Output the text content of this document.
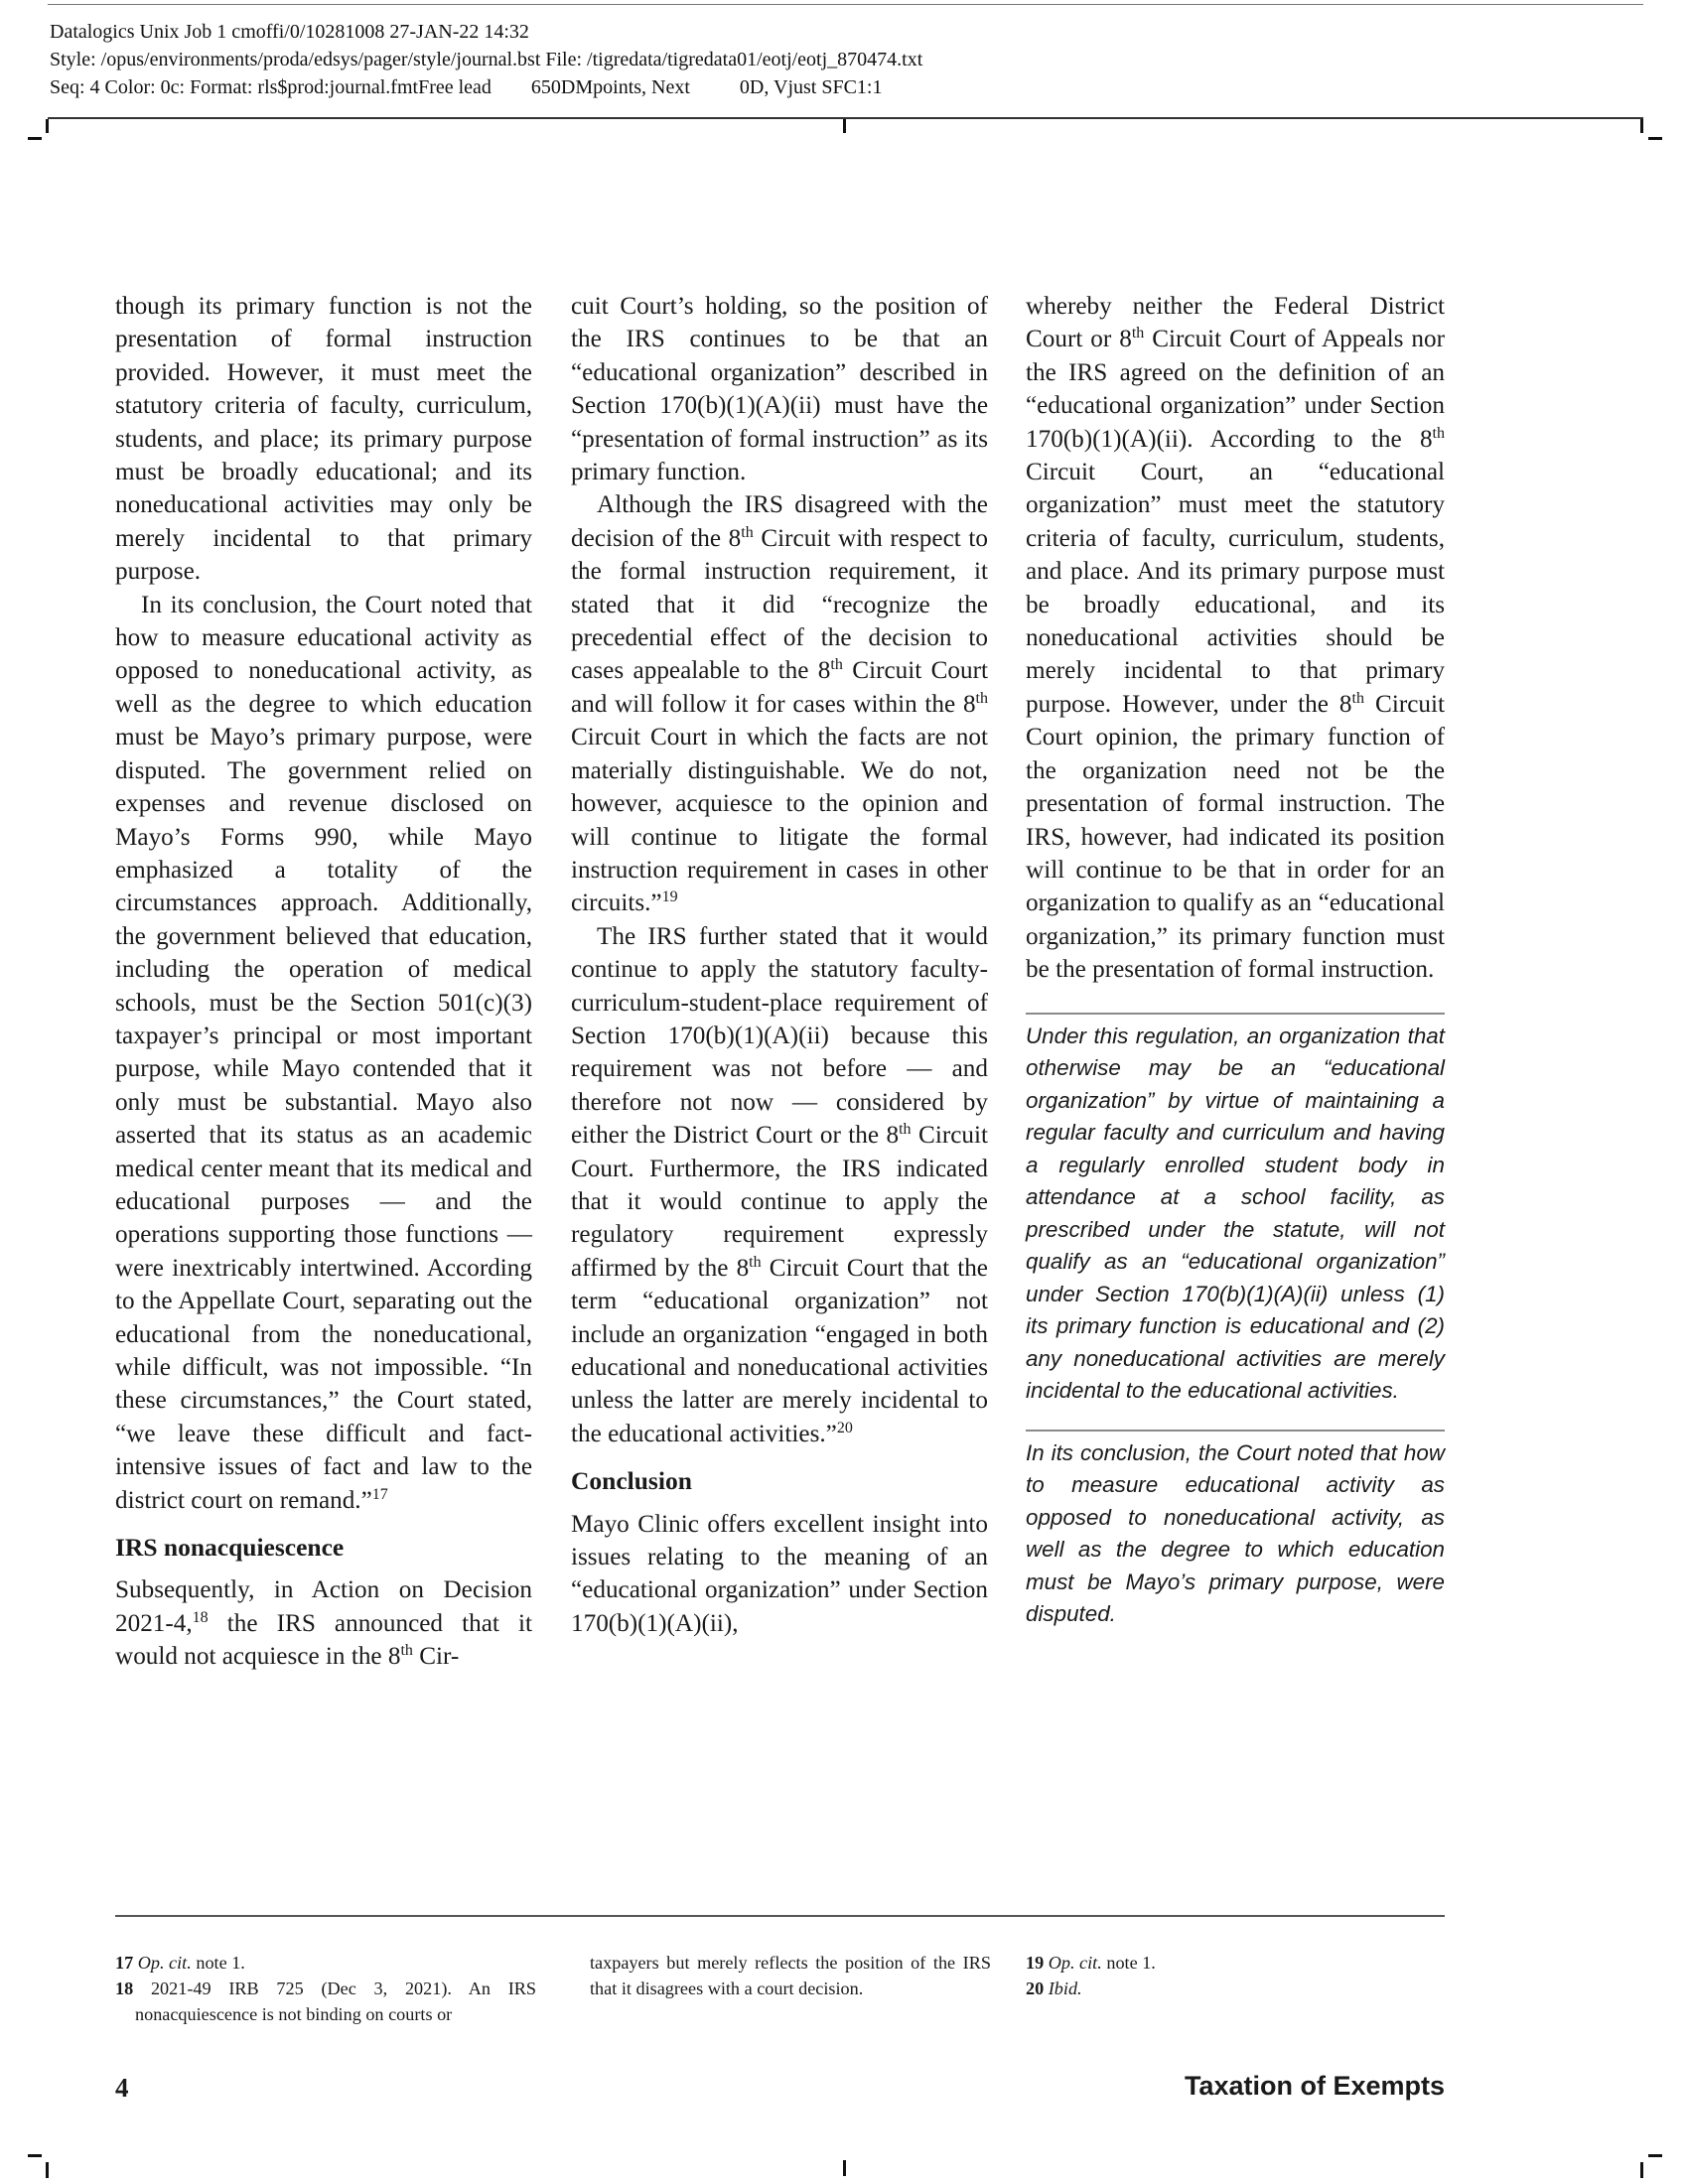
Datalogics Unix Job 1 cmoffi/0/10281008 27-JAN-22 14:32
Style: /opus/environments/proda/edsys/pager/style/journal.bst File: /tigredata/tigredata01/eotj/eotj_870474.txt
Seq: 4 Color: 0c: Format: rls$prod:journal.fmtFree lead        650DMpoints, Next          0D, Vjust SFC1:1

though its primary function is not the presentation of formal instruction provided. However, it must meet the statutory criteria of faculty, curriculum, students, and place; its primary purpose must be broadly educational; and its noneducational activities may only be merely incidental to that primary purpose.

In its conclusion, the Court noted that how to measure educational activity as opposed to noneducational activity, as well as the degree to which education must be Mayo’s primary purpose, were disputed. The government relied on expenses and revenue disclosed on Mayo’s Forms 990, while Mayo emphasized a totality of the circumstances approach. Additionally, the government believed that education, including the operation of medical schools, must be the Section 501(c)(3) taxpayer’s principal or most important purpose, while Mayo contended that it only must be substantial. Mayo also asserted that its status as an academic medical center meant that its medical and educational purposes — and the operations supporting those functions — were inextricably intertwined. According to the Appellate Court, separating out the educational from the noneducational, while difficult, was not impossible. “In these circumstances,” the Court stated, “we leave these difficult and fact-intensive issues of fact and law to the district court on remand.”$^{17}$

IRS nonacquiescence

Subsequently, in Action on Decision 2021-4,18 the IRS announced that it would not acquiesce in the 8th Cir-

cuit Court’s holding, so the position of the IRS continues to be that an “educational organization” described in Section 170(b)(1)(A)(ii) must have the “presentation of formal instruction” as its primary function.

Although the IRS disagreed with the decision of the 8th Circuit with respect to the formal instruction requirement, it stated that it did “recognize the precedential effect of the decision to cases appealable to the 8th Circuit Court and will follow it for cases within the 8th Circuit Court in which the facts are not materially distinguishable. We do not, however, acquiesce to the opinion and will continue to litigate the formal instruction requirement in cases in other circuits.”$^{19}$

The IRS further stated that it would continue to apply the statutory faculty-curriculum-student-place requirement of Section 170(b)(1)(A)(ii) because this requirement was not before — and therefore not now — considered by either the District Court or the 8th Circuit Court. Furthermore, the IRS indicated that it would continue to apply the regulatory requirement expressly affirmed by the 8th Circuit Court that the term “educational organization” not include an organization “engaged in both educational and noneducational activities unless the latter are merely incidental to the educational activities.”$^{20}$

Conclusion

Mayo Clinic offers excellent insight into issues relating to the meaning of an “educational organization” under Section 170(b)(1)(A)(ii),

whereby neither the Federal District Court or 8th Circuit Court of Appeals nor the IRS agreed on the definition of an “educational organization” under Section 170(b)(1)(A)(ii). According to the 8th Circuit Court, an “educational organization” must meet the statutory criteria of faculty, curriculum, students, and place. And its primary purpose must be broadly educational, and its noneducational activities should be merely incidental to that primary purpose. However, under the 8th Circuit Court opinion, the primary function of the organization need not be the presentation of formal instruction. The IRS, however, had indicated its position will continue to be that in order for an organization to qualify as an “educational organization,” its primary function must be the presentation of formal instruction.

Under this regulation, an organization that otherwise may be an “educational organization” by virtue of maintaining a regular faculty and curriculum and having a regularly enrolled student body in attendance at a school facility, as prescribed under the statute, will not qualify as an “educational organization” under Section 170(b)(1)(A)(ii) unless (1) its primary function is educational and (2) any noneducational activities are merely incidental to the educational activities.
In its conclusion, the Court noted that how to measure educational activity as opposed to noneducational activity, as well as the degree to which education must be Mayo’s primary purpose, were disputed.
17 Op. cit. note 1.
18 2021-49 IRB 725 (Dec 3, 2021). An IRS nonacquiescence is not binding on courts or
taxpayers but merely reflects the position of the IRS that it disagrees with a court decision.
19 Op. cit. note 1.
20 Ibid.
4	Taxation of Exempts
